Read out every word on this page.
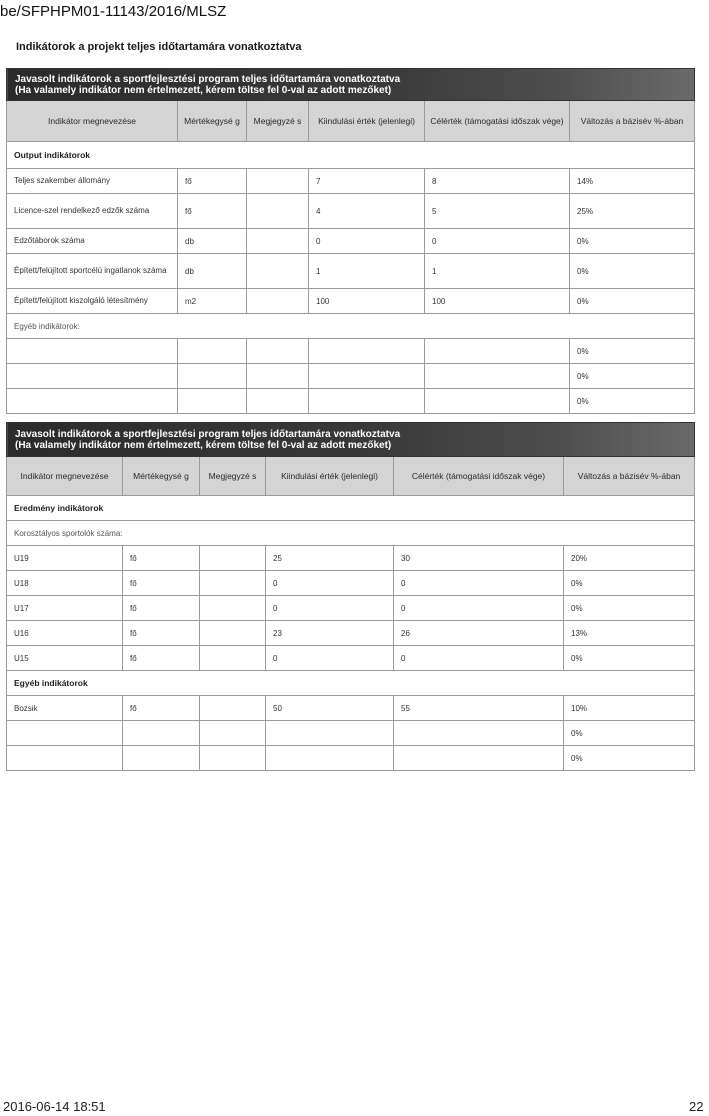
be/SFPHPM01-11143/2016/MLSZ
Indikátorok a projekt teljes időtartamára vonatkoztatva
Javasolt indikátorok a sportfejlesztési program teljes időtartamára vonatkoztatva
(Ha valamely indikátor nem értelmezett, kérem töltse fel 0-val az adott mezőket)					

Indikátor megnevezése	Mértékegysé g	Megjegyzé s	Kiindulási érték (jelenlegi)	Célérték (támogatási időszak vége)	Változás a bázisév %-ában
Output indikátorok					
Teljes szakember állomány	fő		7	8	14%
Licence-szel rendelkező edzők száma	fő		4	5	25%
Edzőtáborok száma	db		0	0	0%
Épített/felújított sportcélú ingatlanok száma	db		1	1	0%
Épített/felújított kiszolgáló létesítmény	m2		100	100	0%
Egyéb indikátorok:					
					0%
					0%
					0%
Javasolt indikátorok a sportfejlesztési program teljes időtartamára vonatkoztatva
(Ha valamely indikátor nem értelmezett, kérem töltse fel 0-val az adott mezőket)					

Indikátor megnevezése	Mértékegysé g	Megjegyzé s	Kiindulási érték (jelenlegi)	Célérték (támogatási időszak vége)	Változás a bázisév %-ában
Eredmény indikátorok					
Korosztályos sportolók száma:					
U19	fő		25	30	20%
U18	fő		0	0	0%
U17	fő		0	0	0%
U16	fő		23	26	13%
U15	fő		0	0	0%
Egyéb indikátorok					
Bozsik	fő		50	55	10%
					0%
					0%
2016-06-14 18:51	22
